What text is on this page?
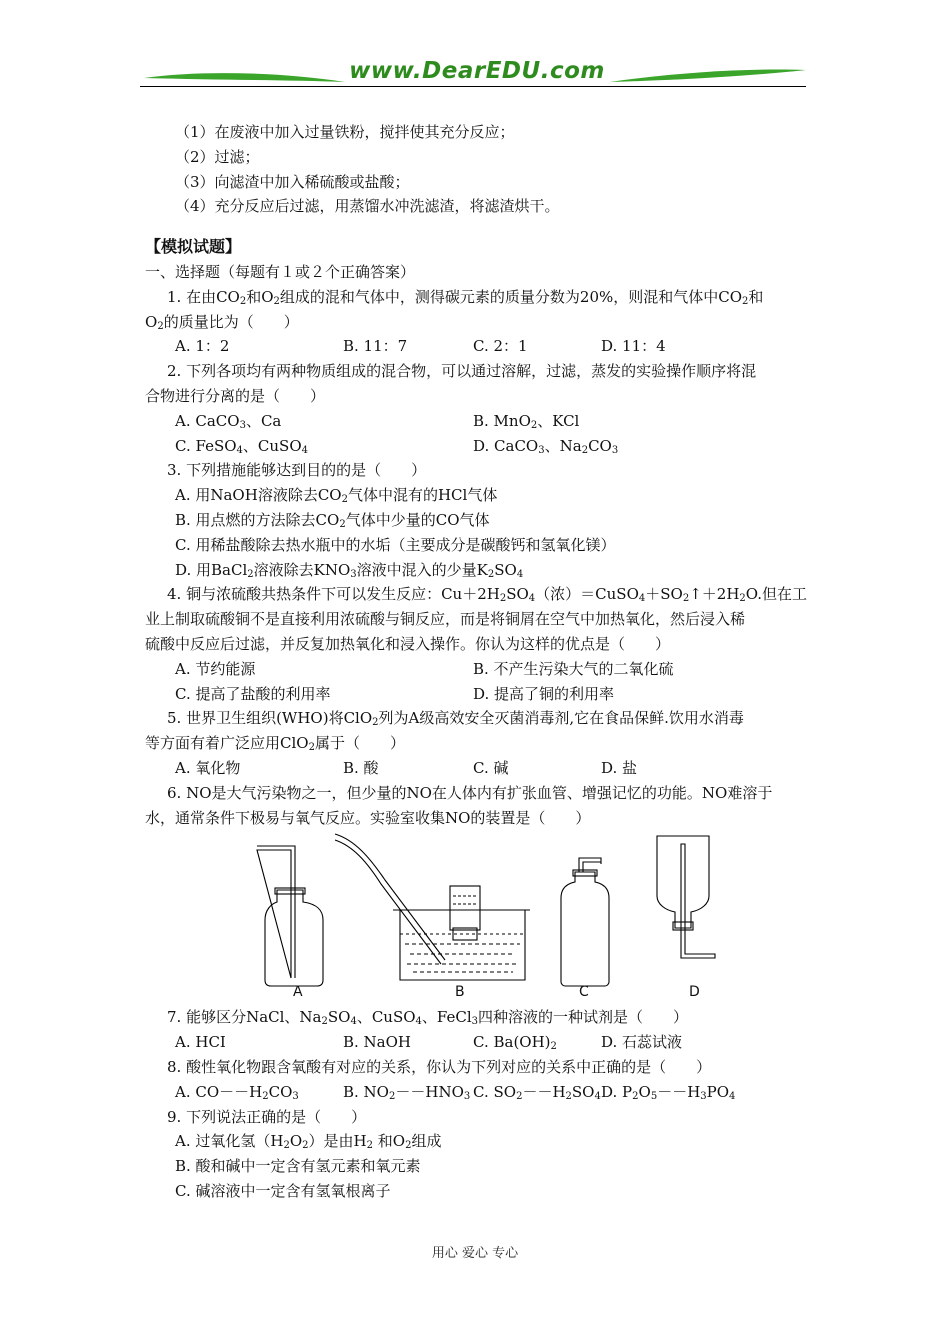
www.DearEDU.com
（1）在废液中加入过量铁粉，搅拌使其充分反应；
（2）过滤；
（3）向滤渣中加入稀硫酸或盐酸；
（4）充分反应后过滤，用蒸馏水冲洗滤渣，将滤渣烘干。
【模拟试题】
一、选择题（每题有１或２个正确答案）
1. 在由$CO_2$和$O_2$组成的混和气体中，测得碳元素的质量分数为20%，则混和气体中$CO_2$和
$O_2$的质量比为（　　）
A. 1：2	B. 11：7	C. 2：1	D. 11：4
2. 下列各项均有两种物质组成的混合物，可以通过溶解，过滤，蒸发的实验操作顺序将混
合物进行分离的是（　　）
A. CaCO$_3$、Ca	B. MnO$_2$、KCl
C. FeSO$_4$、CuSO$_4$	D. CaCO$_3$、$Na_2CO_3$
3. 下列措施能够达到目的的是（　　）
A. 用NaOH溶液除去$CO_2$气体中混有的HCl气体
B. 用点燃的方法除去$CO_2$气体中少量的CO气体
C. 用稀盐酸除去热水瓶中的水垢（主要成分是碳酸钙和氢氧化镁）
D. 用BaCl$_2$溶液除去$KNO_3$溶液中混入的少量$K_2SO_4$
4. 铜与浓硫酸共热条件下可以发生反应：$Cu+2H_2SO_4$（浓）$=CuSO_4+SO_2↑+2H_2O$.但在工
业上制取硫酸铜不是直接利用浓硫酸与铜反应，而是将铜屑在空气中加热氧化，然后浸入稀
硫酸中反应后过滤，并反复加热氧化和浸入操作。你认为这样的优点是（　　）
A. 节约能源	B. 不产生污染大气的二氧化硫
C. 提高了盐酸的利用率	D. 提高了铜的利用率
5. 世界卫生组织(WHO)将ClO$_2$列为A级高效安全灭菌消毒剂,它在食品保鲜.饮用水消毒
等方面有着广泛应用ClO$_2$属于（　　）
A. 氧化物	B. 酸	C. 碱	D. 盐
6. NO是大气污染物之一，但少量的NO在人体内有扩张血管、增强记忆的功能。NO难溶于
水，通常条件下极易与氧气反应。实验室收集NO的装置是（　　）
A	B	C	D
7. 能够区分NaCl、$Na_2SO_4$、CuSO$_4$、FeCl$_3$四种溶液的一种试剂是（　　）
A. HCI	B. NaOH	C. $Ba(OH)_2$	D. 石蕊试液
8. 酸性氧化物跟含氧酸有对应的关系，你认为下列对应的关系中正确的是（　　）
A. $CO--H_2CO_3$	B. $NO_2--HNO_3$ C. $SO_2--H_2SO_4$ D. $P_2O_5--H_3PO_4$
9. 下列说法正确的是（　　）
A. 过氧化氢$(H_2O_2)$是由$H_2$ 和$O_2$组成
B. 酸和碱中一定含有氢元素和氧元素
C. 碱溶液中一定含有氢氧根离子
用心 爱心 专心
